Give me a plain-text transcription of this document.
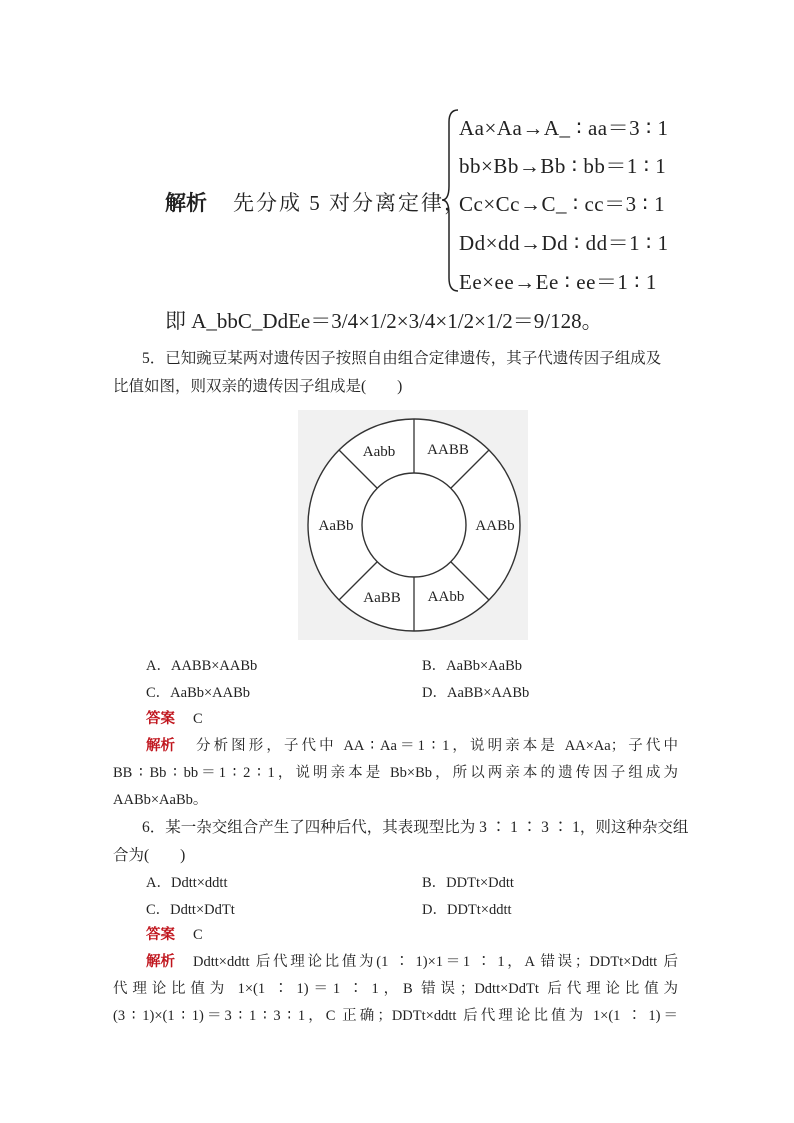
解析 先分成 5 对分离定律，
Aa×Aa→A_ ∶ aa＝3 ∶ 1
bb×Bb→Bb ∶ bb＝1 ∶ 1
Cc×Cc→C_ ∶ cc＝3 ∶ 1
Dd×dd→Dd ∶ dd＝1 ∶ 1
Ee×ee→Ee ∶ ee＝1 ∶ 1
即 A_bbC_DdEe＝3/4×1/2×3/4×1/2×1/2＝9/128。
5．已知豌豆某两对遗传因子按照自由组合定律遗传，其子代遗传因子组成及
比值如图，则双亲的遗传因子组成是(　　)
Aabb AABB
AABb
AAbb
AaBB
AaBb
A．AABB×AABb	B．AaBb×AaBb
C．AaBb×AABb	D．AaBB×AABb
答案 C
解析 分析图形，子代中 AA ∶ Aa＝1 ∶ 1，说明亲本是 AA×Aa；子代中
BB ∶ Bb ∶ bb＝1 ∶ 2 ∶ 1，说明亲本是 Bb×Bb，所以两亲本的遗传因子组成为
AABb×AaBb。
6．某一杂交组合产生了四种后代，其表现型比为 3 ∶ 1 ∶ 3 ∶ 1，则这种杂交组
合为(　　)
A．Ddtt×ddtt	B．DDTt×Ddtt
C．Ddtt×DdTt	D．DDTt×ddtt
答案 C
解析 Ddtt×ddtt 后代理论比值为(1 ∶ 1)×1＝1 ∶ 1，A 错误；DDTt×Ddtt 后
代理论比值为 1×(1 ∶ 1)＝1 ∶ 1，B 错误；Ddtt×DdTt 后代理论比值为
(3 ∶ 1)×(1 ∶ 1)＝3 ∶ 1 ∶ 3 ∶ 1，C 正确；DDTt×ddtt 后代理论比值为 1×(1 ∶ 1)＝
